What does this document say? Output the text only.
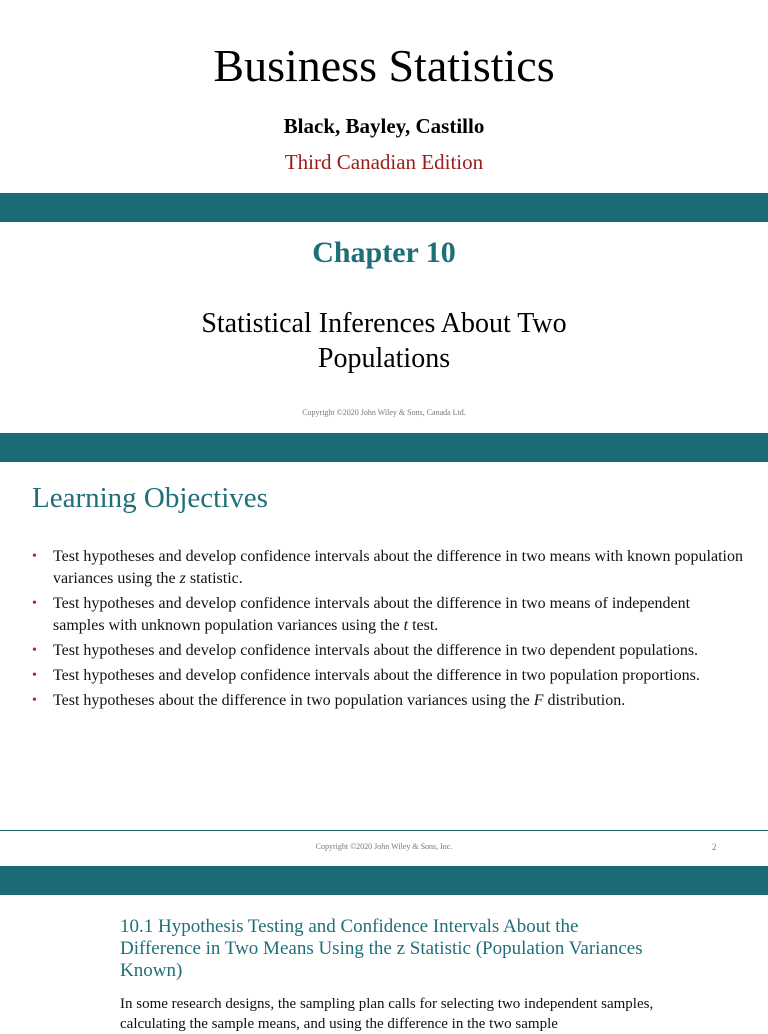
Business Statistics
Black, Bayley, Castillo
Third Canadian Edition
Chapter 10
Statistical Inferences About Two Populations
Copyright ©2020 John Wiley & Sons, Canada Ltd.
Learning Objectives
• Test hypotheses and develop confidence intervals about the difference in two means with known population variances using the z statistic.
• Test hypotheses and develop confidence intervals about the difference in two means of independent samples with unknown population variances using the t test.
• Test hypotheses and develop confidence intervals about the difference in two dependent populations.
• Test hypotheses and develop confidence intervals about the difference in two population proportions.
• Test hypotheses about the difference in two population variances using the F distribution.
Copyright ©2020 John Wiley & Sons, Inc.	2
10.1 Hypothesis Testing and Confidence Intervals About the Difference in Two Means Using the z Statistic (Population Variances Known)
In some research designs, the sampling plan calls for selecting two independent samples, calculating the sample means, and using the difference in the two sample
